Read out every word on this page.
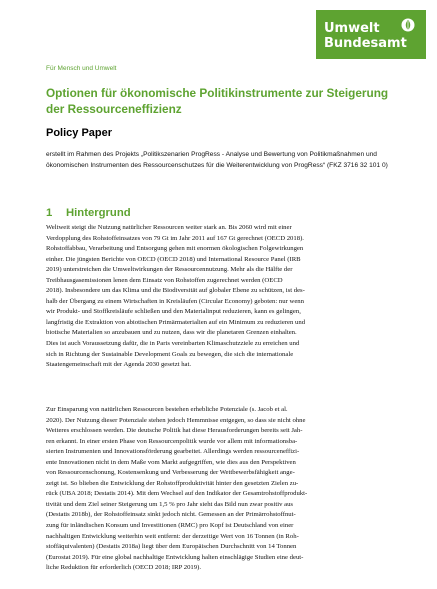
Umwelt
Bundesamt
Für Mensch und Umwelt
Optionen für ökonomische Politikinstrumente zur Steigerung der Ressourceneffizienz
Policy Paper
erstellt im Rahmen des Projekts „Politikszenarien ProgRess - Analyse und Bewertung von Politikmaßnahmen und ökonomischen Instrumenten des Ressourcenschutzes für die Weiterentwicklung von ProgRess“ (FKZ 3716 32 101 0)
1 Hintergrund
Weltweit steigt die Nutzung natürlicher Ressourcen weiter stark an. Bis 2060 wird mit einer
Verdopplung des Rohstoffeinsatzes von 79 Gt im Jahr 2011 auf 167 Gt gerechnet (OECD 2018).
Rohstoffabbau, Verarbeitung und Entsorgung gehen mit enormen ökologischen Folgewirkungen
einher. Die jüngsten Berichte von OECD (OECD 2018) und International Resource Panel (IRB
2019) unterstreichen die Umweltwirkungen der Ressourcennutzung. Mehr als die Hälfte der
Treibhausgasemissionen lenen dem Einsatz von Rohstoffen zugerechnet werden (OECD
2018). Insbesondere um das Klima und die Biodiversität auf globaler Ebene zu schützen, ist des-
halb der Übergang zu einem Wirtschaften in Kreisläufen (Circular Economy) geboten: nur wenn
wir Produkt- und Stoffkreisläufe schließen und den Materialinput reduzieren, kann es gelingen,
langfristig die Extraktion von abiotischen Primärmaterialien auf ein Minimum zu reduzieren und
biotische Materialien so anzubauen und zu nutzen, dass wir die planetaren Grenzen einhalten.
Dies ist auch Voraussetzung dafür, die in Paris vereinbarten Klimaschutzziele zu erreichen und
sich in Richtung der Sustainable Development Goals zu bewegen, die sich die internationale
Staatengemeinschaft mit der Agenda 2030 gesetzt hat.
Zur Einsparung von natürlichen Ressourcen bestehen erhebliche Potenziale (s. Jacob et al.
2020). Der Nutzung dieser Potenziale stehen jedoch Hemmnisse entgegen, so dass sie nicht ohne
Weiteres erschlossen werden. Die deutsche Politik hat diese Herausforderungen bereits seit Jah-
ren erkannt. In einer ersten Phase von Ressourcenpolitik wurde vor allem mit informationsba-
sierten Instrumenten und Innovationsförderung gearbeitet. Allerdings werden ressourceneffizi-
ente Innovationen nicht in dem Maße vom Markt aufgegriffen, wie dies aus den Perspektiven
von Ressourcenschonung, Kostensenkung und Verbesserung der Wettbewerbsfähigkeit ange-
zeigt ist. So blieben die Entwicklung der Rohstoffproduktivität hinter den gesetzten Zielen zu-
rück (UBA 2018; Destatis 2014). Mit dem Wechsel auf den Indikator der Gesamtrohstoffprodukt-
tivität und dem Ziel seiner Steigerung um 1,5 % pro Jahr sieht das Bild nun zwar positiv aus
(Destatis 2018b), der Rohstoffeinsatz sinkt jedoch nicht. Gemessen an der Primärrohstoffnut-
zung für inländischen Konsum und Investitionen (RMC) pro Kopf ist Deutschland von einer
nachhaltigen Entwicklung weiterhin weit entfernt: der derzeitige Wert von 16 Tonnen (in Roh-
stoffäquivalenten) (Destatis 2018a) liegt über dem Europäischen Durchschnitt von 14 Tonnen
(Eurostat 2019). Für eine global nachhaltige Entwicklung halten einschlägige Studien eine deut-
liche Reduktion für erforderlich (OECD 2018; IRP 2019).
